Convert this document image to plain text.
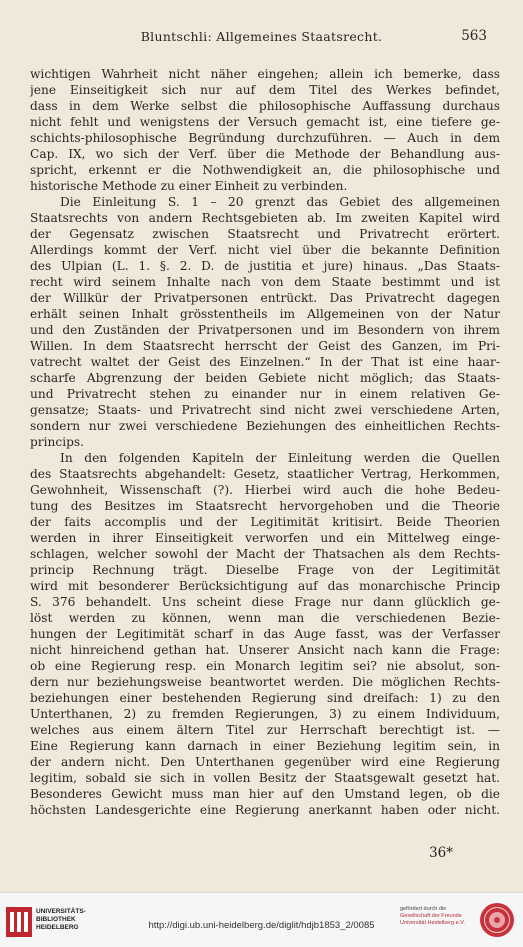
Bluntschli: Allgemeines Staatsrecht.	563
wichtigen Wahrheit nicht näher eingehen; allein ich bemerke, dass
jene Einseitigkeit sich nur auf dem Titel des Werkes befindet,
dass in dem Werke selbst die philosophische Auffassung durchaus
nicht fehlt und wenigstens der Versuch gemacht ist, eine tiefere ge-
schichts-philosophische Begründung durchzuführen. — Auch in dem
Cap. IX, wo sich der Verf. über die Methode der Behandlung aus-
spricht, erkennt er die Nothwendigkeit an, die philosophische und
historische Methode zu einer Einheit zu verbinden.
Die Einleitung S. 1 – 20 grenzt das Gebiet des allgemeinen
Staatsrechts von andern Rechtsgebieten ab. Im zweiten Kapitel wird
der Gegensatz zwischen Staatsrecht und Privatrecht erörtert.
Allerdings kommt der Verf. nicht viel über die bekannte Definition
des Ulpian (L. 1. §. 2. D. de justitia et jure) hinaus. „Das Staats-
recht wird seinem Inhalte nach von dem Staate bestimmt und ist
der Willkür der Privatpersonen entrückt. Das Privatrecht dagegen
erhält seinen Inhalt grösstentheils im Allgemeinen von der Natur
und den Zuständen der Privatpersonen und im Besondern von ihrem
Willen. In dem Staatsrecht herrscht der Geist des Ganzen, im Pri-
vatrecht waltet der Geist des Einzelnen.“ In der That ist eine haar-
scharfe Abgrenzung der beiden Gebiete nicht möglich; das Staats-
und Privatrecht stehen zu einander nur in einem relativen Ge-
gensatze; Staats- und Privatrecht sind nicht zwei verschiedene Arten,
sondern nur zwei verschiedene Beziehungen des einheitlichen Rechts-
princips.
In den folgenden Kapiteln der Einleitung werden die Quellen
des Staatsrechts abgehandelt: Gesetz, staatlicher Vertrag, Herkommen,
Gewohnheit, Wissenschaft (?). Hierbei wird auch die hohe Bedeu-
tung des Besitzes im Staatsrecht hervorgehoben und die Theorie
der faits accomplis und der Legitimität kritisirt. Beide Theorien
werden in ihrer Einseitigkeit verworfen und ein Mittelweg einge-
schlagen, welcher sowohl der Macht der Thatsachen als dem Rechts-
princip Rechnung trägt. Dieselbe Frage von der Legitimität
wird mit besonderer Berücksichtigung auf das monarchische Princip
S. 376 behandelt. Uns scheint diese Frage nur dann glücklich ge-
löst werden zu können, wenn man die verschiedenen Bezie-
hungen der Legitimität scharf in das Auge fasst, was der Verfasser
nicht hinreichend gethan hat. Unserer Ansicht nach kann die Frage:
ob eine Regierung resp. ein Monarch legitim sei? nie absolut, son-
dern nur beziehungsweise beantwortet werden. Die möglichen Rechts-
beziehungen einer bestehenden Regierung sind dreifach: 1) zu den
Unterthanen, 2) zu fremden Regierungen, 3) zu einem Individuum,
welches aus einem ältern Titel zur Herrschaft berechtigt ist. —
Eine Regierung kann darnach in einer Beziehung legitim sein, in
der andern nicht. Den Unterthanen gegenüber wird eine Regierung
legitim, sobald sie sich in vollen Besitz der Staatsgewalt gesetzt hat.
Besonderes Gewicht muss man hier auf den Umstand legen, ob die
höchsten Landesgerichte eine Regierung anerkannt haben oder nicht.
36*
UNIVERSITÄTS-
BIBLIOTHEK
HEIDELBERG	http://digi.ub.uni-heidelberg.de/diglit/hdjb1853_2/0085
gefördert durch die
Gesellschaft der Freunde
Universität Heidelberg e.V.
